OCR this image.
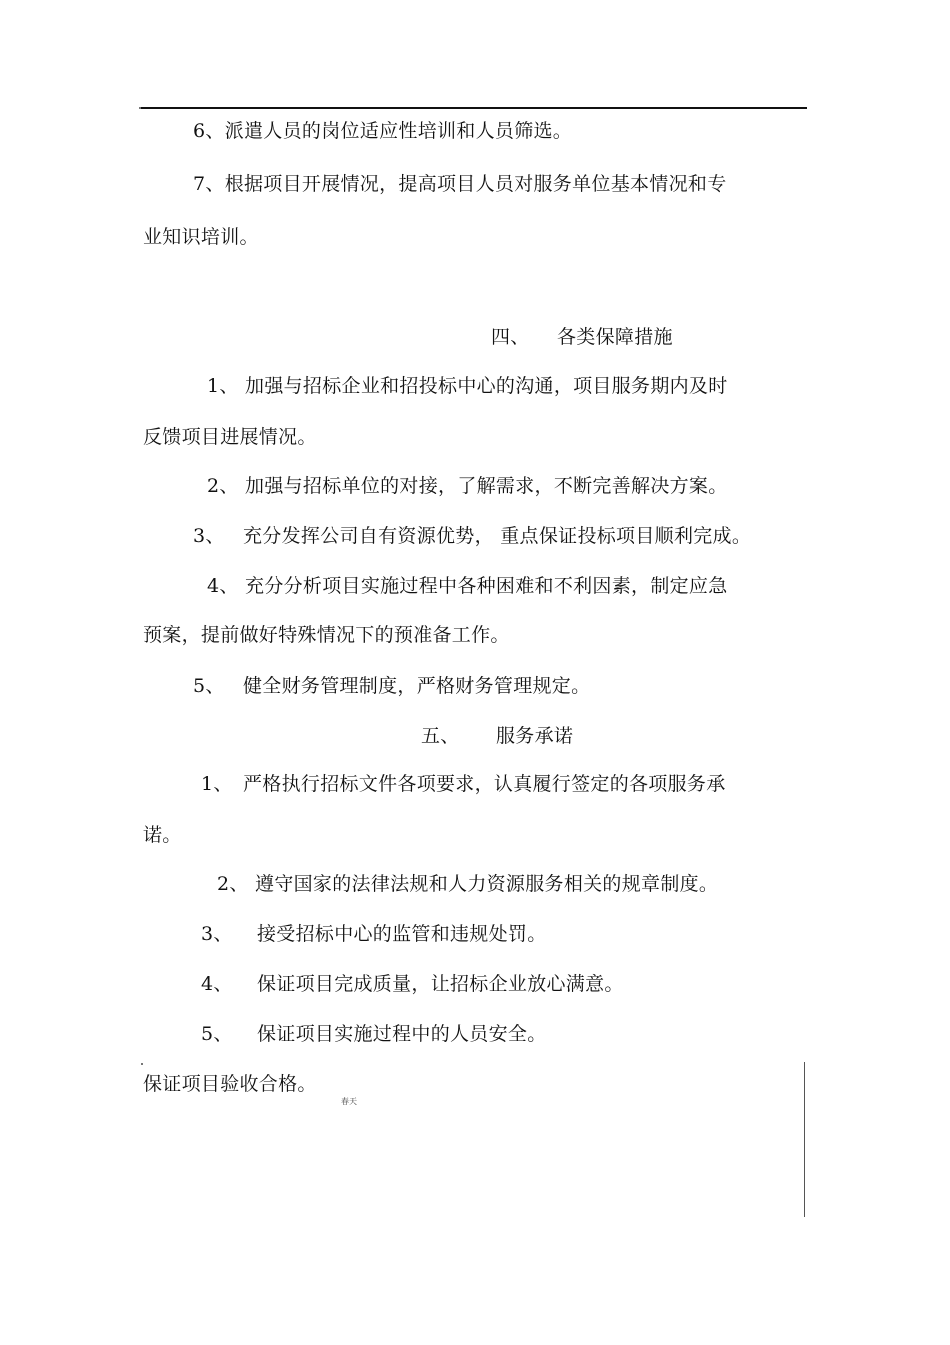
6、派遣人员的岗位适应性培训和人员筛选。
7、根据项目开展情况，提高项目人员对服务单位基本情况和专
业知识培训。
四、 各类保障措施
1、 加强与招标企业和招投标中心的沟通，项目服务期内及时
反馈项目进展情况。
2、 加强与招标单位的对接，了解需求，不断完善解决方案。
3、 充分发挥公司自有资源优势， 重点保证投标项目顺利完成。
4、 充分分析项目实施过程中各种困难和不利因素，制定应急
预案，提前做好特殊情况下的预准备工作。
5、 健全财务管理制度，严格财务管理规定。
五、 服务承诺
1、 严格执行招标文件各项要求，认真履行签定的各项服务承
诺。
2、 遵守国家的法律法规和人力资源服务相关的规章制度。
3、 接受招标中心的监管和违规处罚。
4、 保证项目完成质量，让招标企业放心满意。
5、 保证项目实施过程中的人员安全。
保证项目验收合格。
春天
